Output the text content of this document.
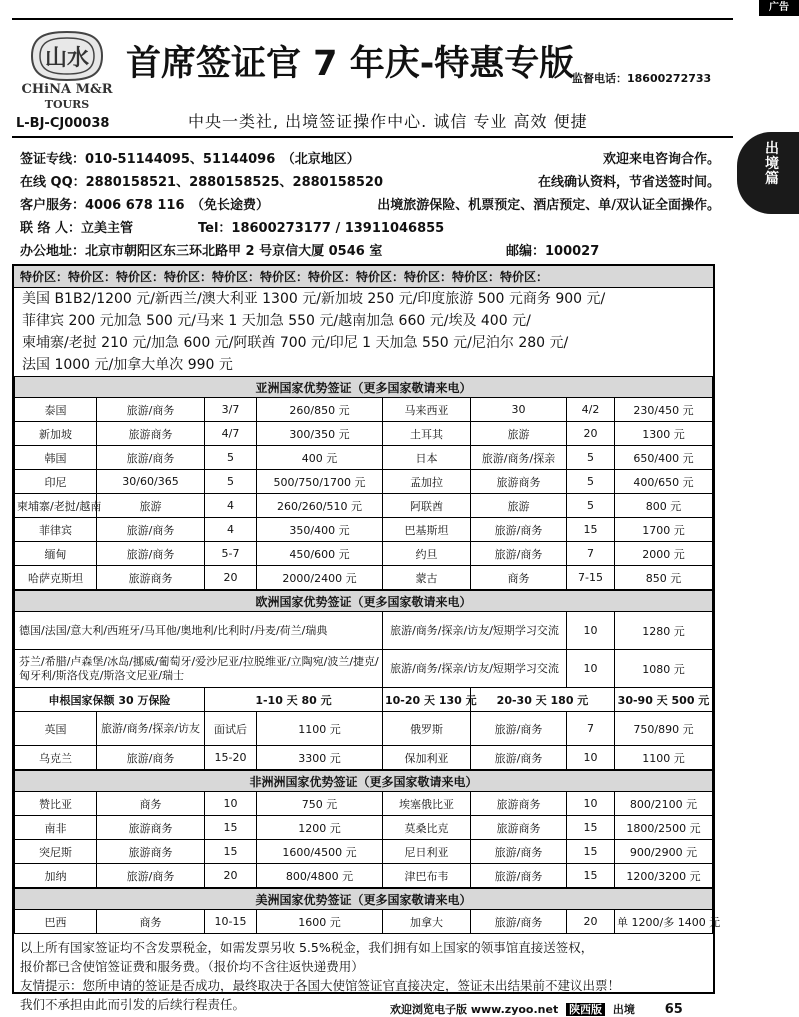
广告
山水
CHiNA M&R
TOURS
首席签证官 7 年庆-特惠专版
监督电话：18600272733
L-BJ-CJ00038	中央一类社, 出境签证操作中心. 诚信 专业 高效 便捷
出
境
篇
签证专线：010-51144095、51144096　（北京地区）	欢迎来电咨询合作。
在线 QQ：2880158521、2880158525、2880158520	在线确认资料，节省送签时间。
客户服务：4006 678 116　（免长途费）	出境旅游保险、机票预定、酒店预定、单/双认证全面操作。
联 络 人：立美主管	Tel：18600273177 / 13911046855
办公地址：北京市朝阳区东三环北路甲 2 号京信大厦 0546 室	邮编：100027
特价区：特价区：特价区：特价区：特价区：特价区：特价区：特价区：特价区：特价区：特价区：
美国 B1B2/1200 元/新西兰/澳大利亚 1300 元/新加坡 250 元/印度旅游 500 元商务 900 元/
菲律宾 200 元加急 500 元/马来 1 天加急 550 元/越南加急 660 元/埃及 400 元/
柬埔寨/老挝 210 元/加急 600 元/阿联酋 700 元/印尼 1 天加急 550 元/尼泊尔 280 元/
法国 1000 元/加拿大单次 990 元
亚洲国家优势签证（更多国家敬请来电）							
泰国	旅游/商务	3/7	260/850 元	马来西亚	30	4/2	230/450 元
新加坡	旅游商务	4/7	300/350 元	土耳其	旅游	20	1300 元
韩国	旅游/商务	5	400 元	日本	旅游/商务/探亲	5	650/400 元
印尼	30/60/365	5	500/750/1700 元	孟加拉	旅游商务	5	400/650 元
柬埔寨/老挝/越南	旅游	4	260/260/510 元	阿联酋	旅游	5	800 元
菲律宾	旅游/商务	4	350/400 元	巴基斯坦	旅游/商务	15	1700 元
缅甸	旅游/商务	5-7	450/600 元	约旦	旅游/商务	7	2000 元
哈萨克斯坦	旅游商务	20	2000/2400 元	蒙古	商务	7-15	850 元
欧洲国家优势签证（更多国家敬请来电）							
德国/法国/意大利/西班牙/马耳他/奥地利/比利时/丹麦/荷兰/瑞典				旅游/商务/探亲/访友/短期学习交流		10	1280 元
芬兰/希腊/卢森堡/冰岛/挪威/葡萄牙/爱沙尼亚/拉脱维亚/立陶宛/波兰/捷克/匈牙利/斯洛伐克/斯洛文尼亚/瑞士				旅游/商务/探亲/访友/短期学习交流		10	1080 元
申根国家保额 30 万保险		1-10 天 80 元		10-20 天 130 元	20-30 天 180 元		30-90 天 500 元
英国	旅游/商务/探亲/访友	面试后	1100 元	俄罗斯	旅游/商务	7	750/890 元
乌克兰	旅游/商务	15-20	3300 元	保加利亚	旅游/商务	10	1100 元
非洲洲国家优势签证（更多国家敬请来电）							
赞比亚	商务	10	750 元	埃塞俄比亚	旅游商务	10	800/2100 元
南非	旅游商务	15	1200 元	莫桑比克	旅游商务	15	1800/2500 元
突尼斯	旅游商务	15	1600/4500 元	尼日利亚	旅游/商务	15	900/2900 元
加纳	旅游/商务	20	800/4800 元	津巴布韦	旅游/商务	15	1200/3200 元
美洲国家优势签证（更多国家敬请来电）
巴西	商务	10-15	1600 元	加拿大	旅游/商务	20	单 1200/多 1400 元
以上所有国家签证均不含发票税金，如需发票另收 5.5%税金，我们拥有如上国家的领事馆直接送签权，
报价都已含使馆签证费和服务费。（报价均不含往返快递费用）
友情提示：您所申请的签证是否成功，最终取决于各国大使馆签证官直接决定，签证未出结果前不建议出票！
我们不承担由此而引发的后续行程责任。	欢迎浏览电子版 www.zyoo.net 陕西版 出境 65
